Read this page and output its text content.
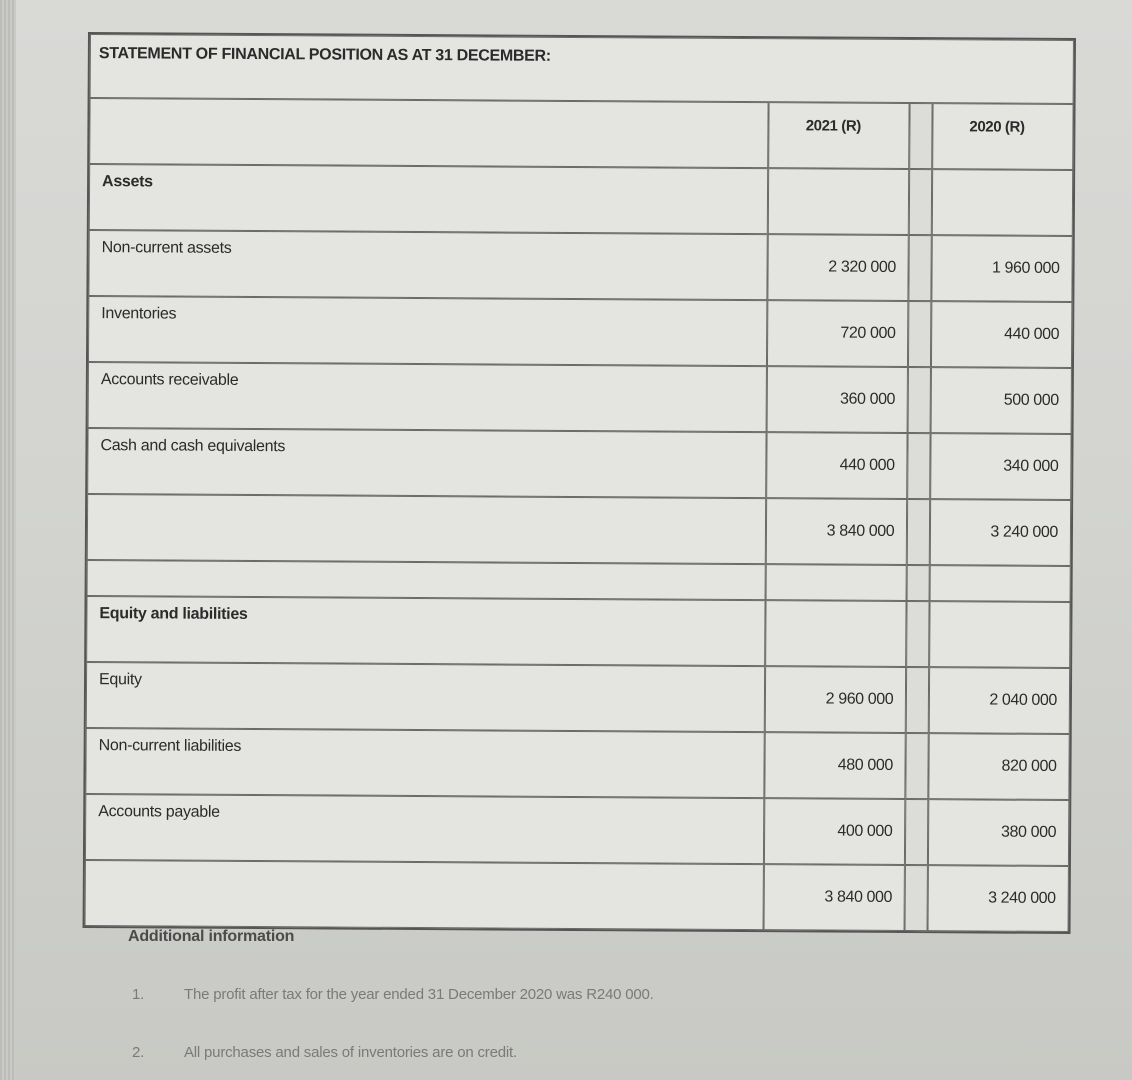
STATEMENT OF FINANCIAL POSITION AS AT 31 DECEMBER:			
	2021 (R)		2020 (R)
Assets			
Non-current assets	2 320 000		1 960 000
Inventories	720 000		440 000
Accounts receivable	360 000		500 000
Cash and cash equivalents	440 000		340 000
	3 840 000		3 240 000

Equity and liabilities			
Equity	2 960 000		2 040 000
Non-current liabilities	480 000		820 000
Accounts payable	400 000		380 000
	3 840 000		3 240 000
Additional information
1.	The profit after tax for the year ended 31 December 2020 was R240 000.
2.	All purchases and sales of inventories are on credit.
